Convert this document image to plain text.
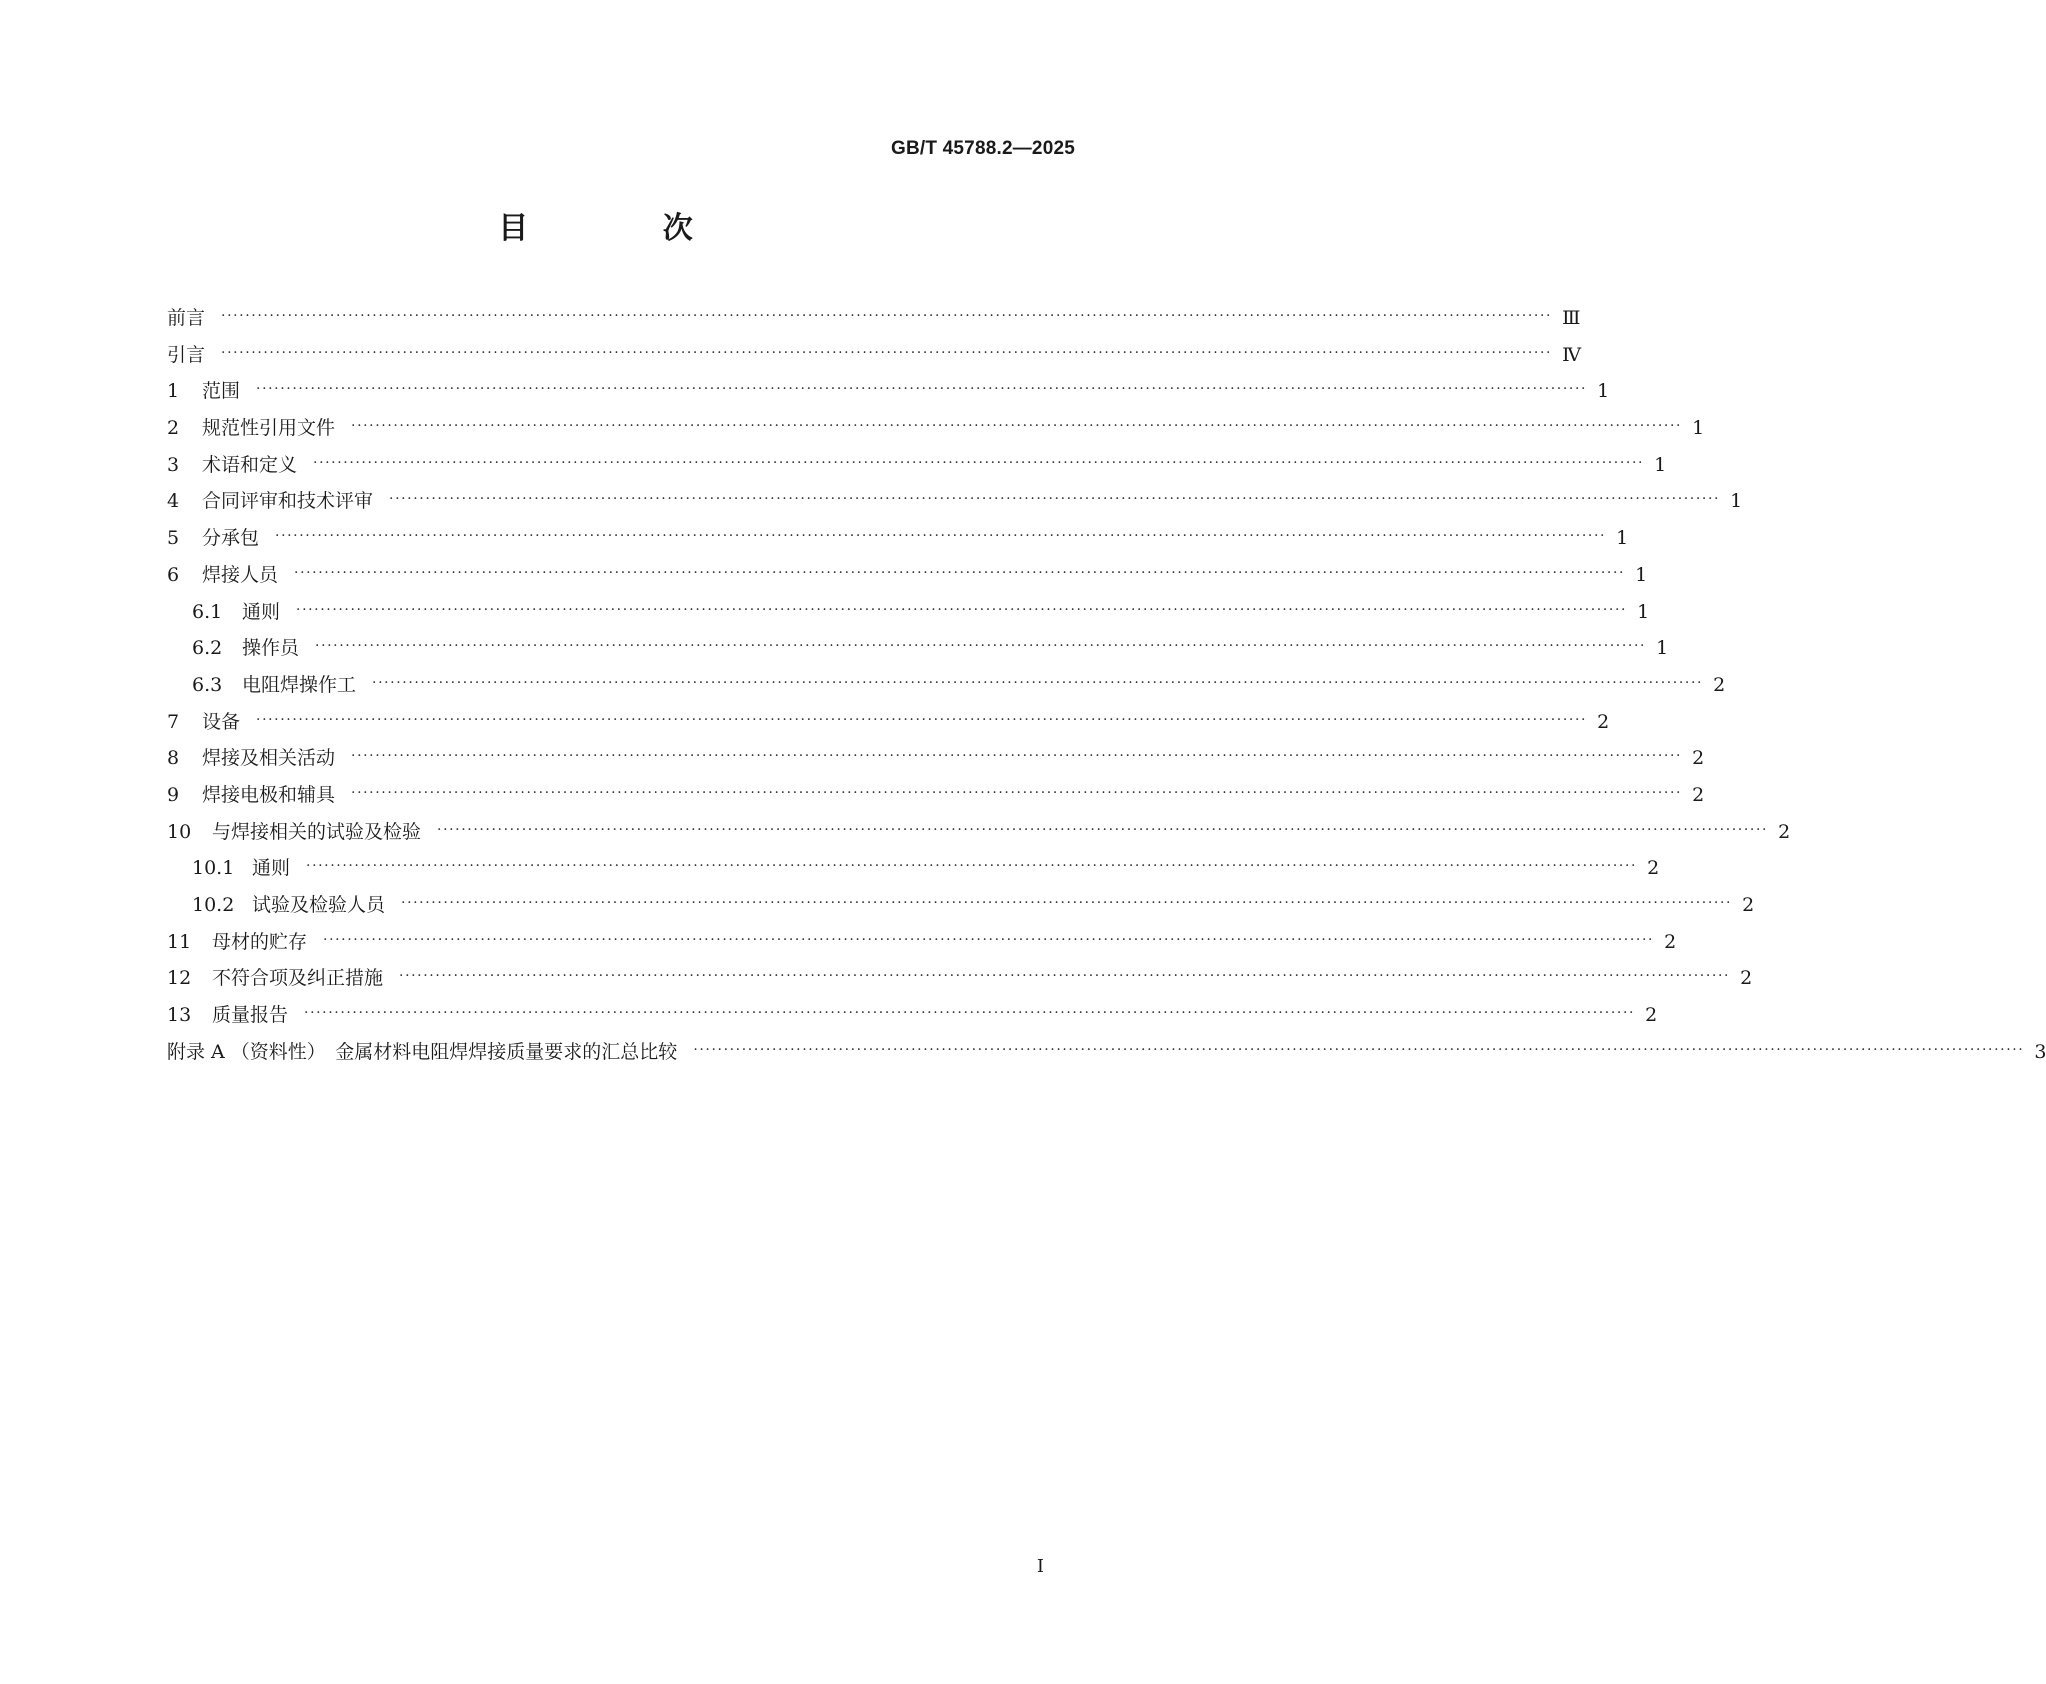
GB/T 45788.2—2025
目 次
前言 ···························································································································································································································· Ⅲ
引言 ···························································································································································································································· Ⅳ
1	范围 ···························································································································································································································· 1
2	规范性引用文件 ···························································································································································································································· 1
3	术语和定义 ···························································································································································································································· 1
4	合同评审和技术评审 ···························································································································································································································· 1
5	分承包 ···························································································································································································································· 1
6	焊接人员 ···························································································································································································································· 1
6.1	通则 ···························································································································································································································· 1
6.2	操作员 ···························································································································································································································· 1
6.3	电阻焊操作工 ···························································································································································································································· 2
7	设备 ···························································································································································································································· 2
8	焊接及相关活动 ···························································································································································································································· 2
9	焊接电极和辅具 ···························································································································································································································· 2
10	与焊接相关的试验及检验 ···························································································································································································································· 2
10.1 通则 ···························································································································································································································· 2
10.2 试验及检验人员 ···························································································································································································································· 2
11	母材的贮存 ···························································································································································································································· 2
12	不符合项及纠正措施 ···························································································································································································································· 2
13	质量报告 ···························································································································································································································· 2
附录 A （资料性）　金属材料电阻焊焊接质量要求的汇总比较 ···························································································································································································································· 3
Ⅰ
